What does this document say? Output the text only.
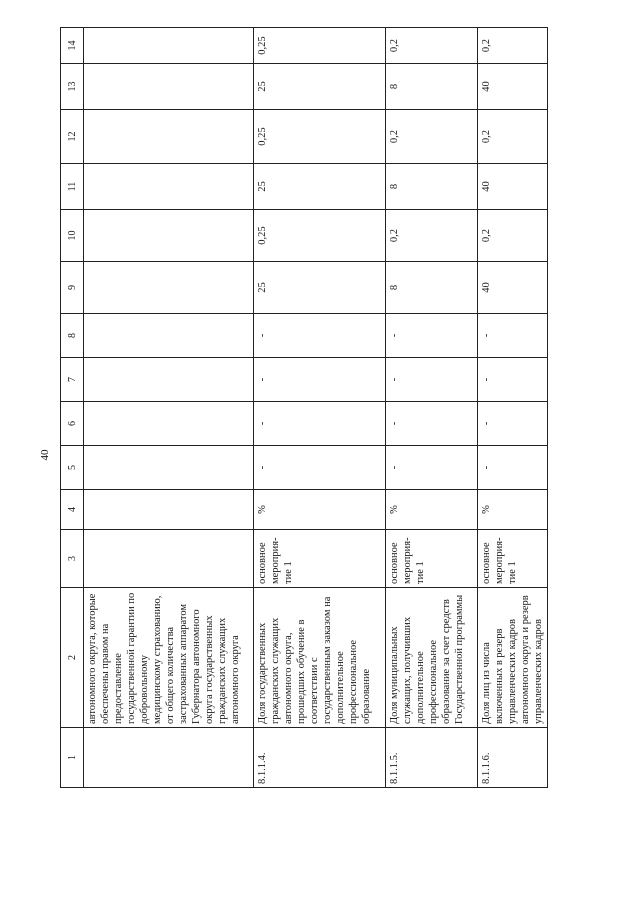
40
1	2	3	4	5	6	7	8	9	10	11	12	13	14
	автономного округа, которые обеспечены правом на предоставление государственной гарантии по добровольному медицинскому страхованию, от общего количества застрахованных аппаратом Губернатора автономного округа государственных гражданских служащих автономного округа												
8.1.1.4.	Доля государственных гражданских служащих автономного округа, прошедших обучение в соответствии с государственным заказом на дополнительное профессиональное образование	основное мероприя-тие 1	%	-	-	-	-	25	0,25	25	0,25	25	0,25
8.1.1.5.	Доля муниципальных служащих, получивших дополнительное профессиональное образование за счет средств Государственной программы	основное мероприя-тие 1	%	-	-	-	-	8	0,2	8	0,2	8	0,2
8.1.1.6.	Доля лиц из числа включенных в резерв управленческих кадров автономного округа и резерв управленческих кадров	основное мероприя-тие 1	%	-	-	-	-	40	0,2	40	0,2	40	0,2
